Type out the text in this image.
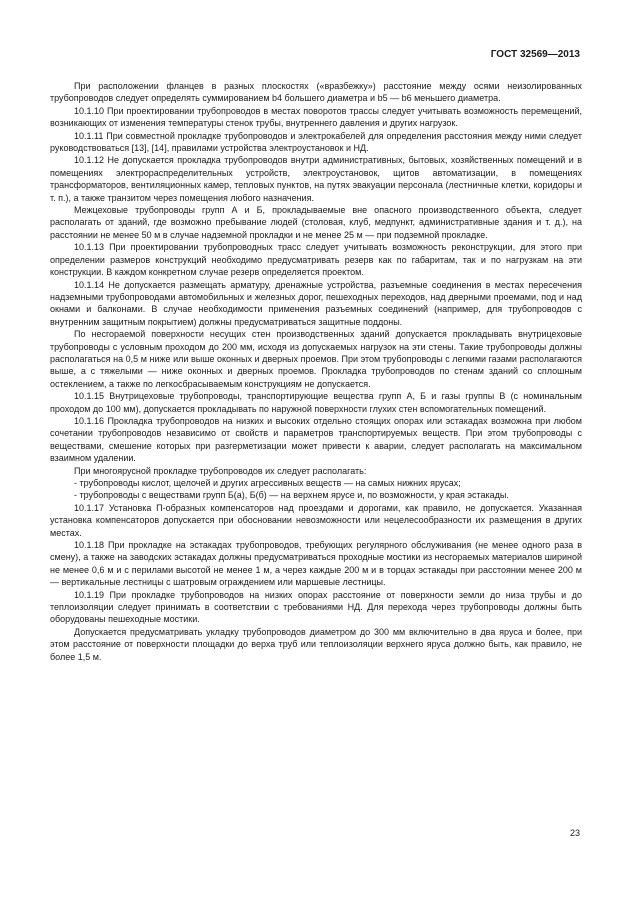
ГОСТ 32569—2013

При расположении фланцев в разных плоскостях («вразбежку») расстояние между осями неизолированных трубопроводов следует определять суммированием b4 большего диаметра и b5 — b6 меньшего диаметра.

10.1.10 При проектировании трубопроводов в местах поворотов трассы следует учитывать возможность перемещений, возникающих от изменения температуры стенок трубы, внутреннего давления и других нагрузок.

10.1.11 При совместной прокладке трубопроводов и электрокабелей для определения расстояния между ними следует руководствоваться [13], [14], правилами устройства электроустановок и НД.

10.1.12 Не допускается прокладка трубопроводов внутри административных, бытовых, хозяйственных помещений и в помещениях электрораспределительных устройств, электроустановок, щитов автоматизации, в помещениях трансформаторов, вентиляционных камер, тепловых пунктов, на путях эвакуации персонала (лестничные клетки, коридоры и т. п.), а также транзитом через помещения любого назначения.

Межцеховые трубопроводы групп А и Б, прокладываемые вне опасного производственного объекта, следует располагать от зданий, где возможно пребывание людей (столовая, клуб, медпункт, административные здания и т. д.), на расстоянии не менее 50 м в случае надземной прокладки и не менее 25 м — при подземной прокладке.

10.1.13 При проектировании трубопроводных трасс следует учитывать возможность реконструкции, для этого при определении размеров конструкций необходимо предусматривать резерв как по габаритам, так и по нагрузкам на эти конструкции. В каждом конкретном случае резерв определяется проектом.

10.1.14 Не допускается размещать арматуру, дренажные устройства, разъемные соединения в местах пересечения надземными трубопроводами автомобильных и железных дорог, пешеходных переходов, над дверными проемами, под и над окнами и балконами. В случае необходимости применения разъемных соединений (например, для трубопроводов с внутренним защитным покрытием) должны предусматриваться защитные поддоны.

По несгораемой поверхности несущих стен производственных зданий допускается прокладывать внутрицеховые трубопроводы с условным проходом до 200 мм, исходя из допускаемых нагрузок на эти стены. Такие трубопроводы должны располагаться на 0,5 м ниже или выше оконных и дверных проемов. При этом трубопроводы с легкими газами располагаются выше, а с тяжелыми — ниже оконных и дверных проемов. Прокладка трубопроводов по стенам зданий со сплошным остеклением, а также по легкосбрасываемым конструкциям не допускается.

10.1.15 Внутрицеховые трубопроводы, транспортирующие вещества групп А, Б и газы группы В (с номинальным проходом до 100 мм), допускается прокладывать по наружной поверхности глухих стен вспомогательных помещений.

10.1.16 Прокладка трубопроводов на низких и высоких отдельно стоящих опорах или эстакадах возможна при любом сочетании трубопроводов независимо от свойств и параметров транспортируемых веществ. При этом трубопроводы с веществами, смешение которых при разгерметизации может привести к аварии, следует располагать на максимальном взаимном удалении.

При многоярусной прокладке трубопроводов их следует располагать:

- трубопроводы кислот, щелочей и других агрессивных веществ — на самых нижних ярусах;

- трубопроводы с веществами групп Б(а), Б(б) — на верхнем ярусе и, по возможности, у края эстакады.

10.1.17 Установка П-образных компенсаторов над проездами и дорогами, как правило, не допускается. Указанная установка компенсаторов допускается при обосновании невозможности или нецелесообразности их размещения в других местах.

10.1.18 При прокладке на эстакадах трубопроводов, требующих регулярного обслуживания (не менее одного раза в смену), а также на заводских эстакадах должны предусматриваться проходные мостики из несгораемых материалов шириной не менее 0,6 м и с перилами высотой не менее 1 м, а через каждые 200 м и в торцах эстакады при расстоянии менее 200 м — вертикальные лестницы с шатровым ограждением или маршевые лестницы.

10.1.19 При прокладке трубопроводов на низких опорах расстояние от поверхности земли до низа трубы и до теплоизоляции следует принимать в соответствии с требованиями НД. Для перехода через трубопроводы должны быть оборудованы пешеходные мостики.

Допускается предусматривать укладку трубопроводов диаметром до 300 мм включительно в два яруса и более, при этом расстояние от поверхности площадки до верха труб или теплоизоляции верхнего яруса должно быть, как правило, не более 1,5 м.

23
